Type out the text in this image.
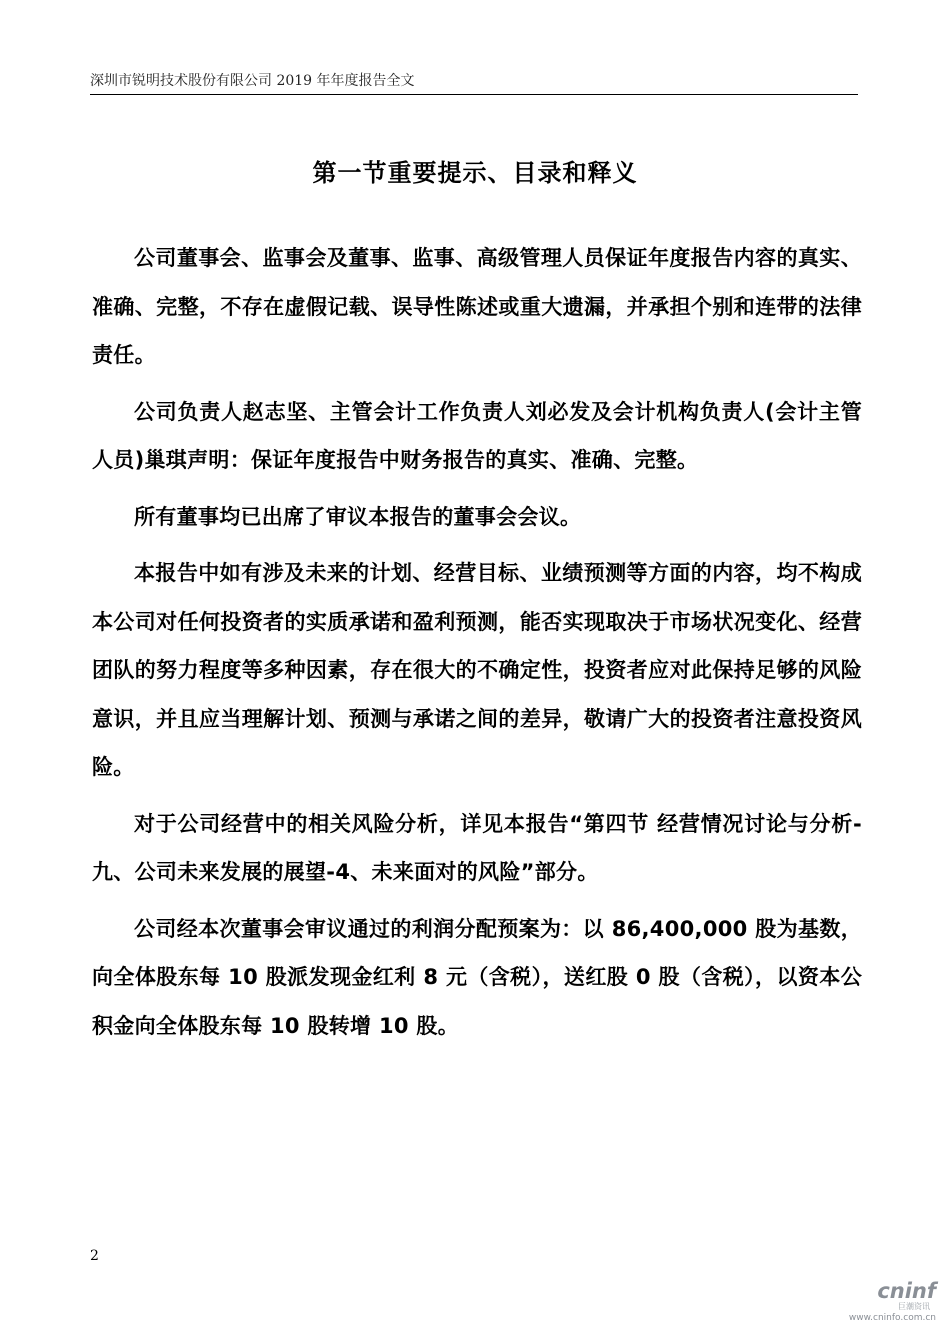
深圳市锐明技术股份有限公司 2019 年年度报告全文
第一节重要提示、目录和释义

公司董事会、监事会及董事、监事、高级管理人员保证年度报告内容的真实、准确、完整，不存在虚假记载、误导性陈述或重大遗漏，并承担个别和连带的法律责任。

公司负责人赵志坚、主管会计工作负责人刘必发及会计机构负责人(会计主管人员)巢琪声明：保证年度报告中财务报告的真实、准确、完整。

所有董事均已出席了审议本报告的董事会会议。

本报告中如有涉及未来的计划、经营目标、业绩预测等方面的内容，均不构成本公司对任何投资者的实质承诺和盈利预测，能否实现取决于市场状况变化、经营团队的努力程度等多种因素，存在很大的不确定性，投资者应对此保持足够的风险意识，并且应当理解计划、预测与承诺之间的差异，敬请广大的投资者注意投资风险。

对于公司经营中的相关风险分析，详见本报告“第四节 经营情况讨论与分析-九、公司未来发展的展望-4、未来面对的风险”部分。

公司经本次董事会审议通过的利润分配预案为：以 86,400,000 股为基数，向全体股东每 10 股派发现金红利 8 元（含税），送红股 0 股（含税），以资本公积金向全体股东每 10 股转增 10 股。

2
cninf
巨潮资讯
www.cninfo.com.cn
